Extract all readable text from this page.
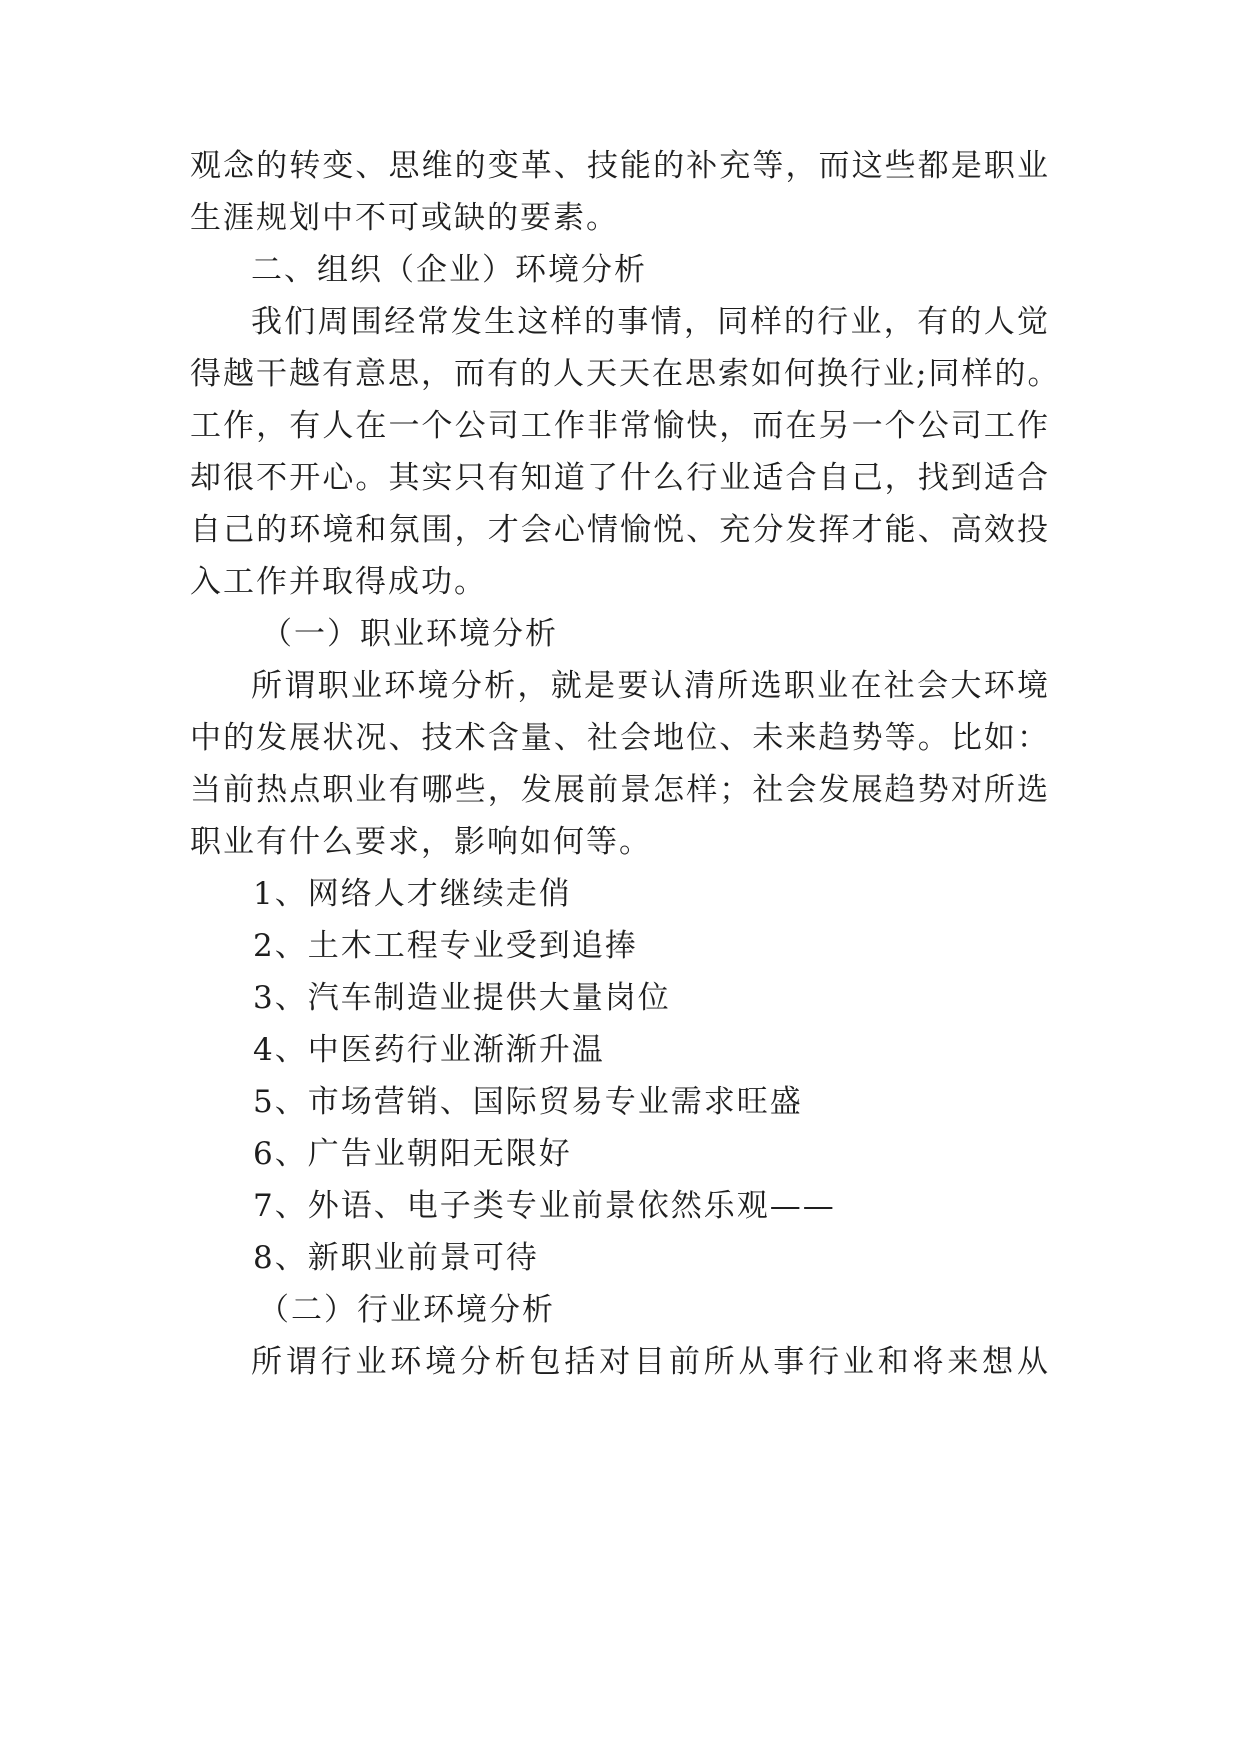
观念的转变、思维的变革、技能的补充等，而这些都是职业

生涯规划中不可或缺的要素。

二、组织（企业）环境分析

我们周围经常发生这样的事情，同样的行业，有的人觉

得越干越有意思，而有的人天天在思索如何换行业;同样的。

工作，有人在一个公司工作非常愉快，而在另一个公司工作

却很不开心。其实只有知道了什么行业适合自己，找到适合

自己的环境和氛围，才会心情愉悦、充分发挥才能、高效投

入工作并取得成功。

（一）职业环境分析

所谓职业环境分析，就是要认清所选职业在社会大环境

中的发展状况、技术含量、社会地位、未来趋势等。比如：

当前热点职业有哪些，发展前景怎样；社会发展趋势对所选

职业有什么要求，影响如何等。

1、网络人才继续走俏

2、土木工程专业受到追捧

3、汽车制造业提供大量岗位

4、中医药行业渐渐升温

5、市场营销、国际贸易专业需求旺盛

6、广告业朝阳无限好

7、外语、电子类专业前景依然乐观——

8、新职业前景可待

（二）行业环境分析

所谓行业环境分析包括对目前所从事行业和将来想从
